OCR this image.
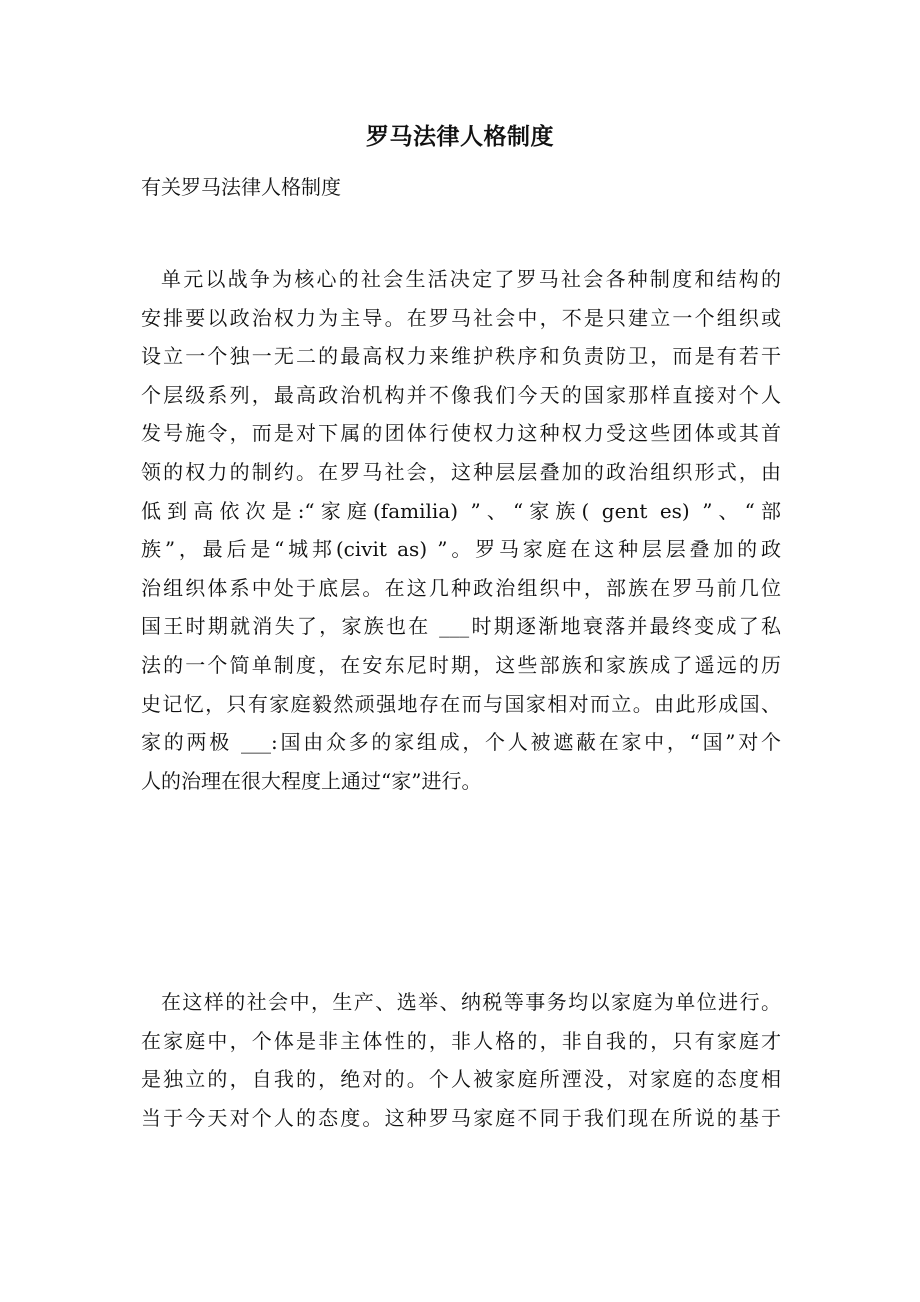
罗马法律人格制度
有关罗马法律人格制度
单元以战争为核心的社会生活决定了罗马社会各种制度和结构的
安排要以政治权力为主导。在罗马社会中，不是只建立一个组织或
设立一个独一无二的最高权力来维护秩序和负责防卫，而是有若干
个层级系列，最高政治机构并不像我们今天的国家那样直接对个人
发号施令，而是对下属的团体行使权力这种权力受这些团体或其首
领的权力的制约。在罗马社会，这种层层叠加的政治组织形式，由
低到高依次是:“家庭(familia) ”、“家族( gent es) ”、“部
族”，最后是“城邦(civit as) ”。罗马家庭在这种层层叠加的政
治组织体系中处于底层。在这几种政治组织中，部族在罗马前几位
国王时期就消失了，家族也在 ___时期逐渐地衰落并最终变成了私
法的一个简单制度，在安东尼时期，这些部族和家族成了遥远的历
史记忆，只有家庭毅然顽强地存在而与国家相对而立。由此形成国、
家的两极 ___:国由众多的家组成，个人被遮蔽在家中，“国”对个
人的治理在很大程度上通过“家”进行。
在这样的社会中，生产、选举、纳税等事务均以家庭为单位进行。
在家庭中，个体是非主体性的，非人格的，非自我的，只有家庭才
是独立的，自我的，绝对的。个人被家庭所湮没，对家庭的态度相
当于今天对个人的态度。这种罗马家庭不同于我们现在所说的基于
